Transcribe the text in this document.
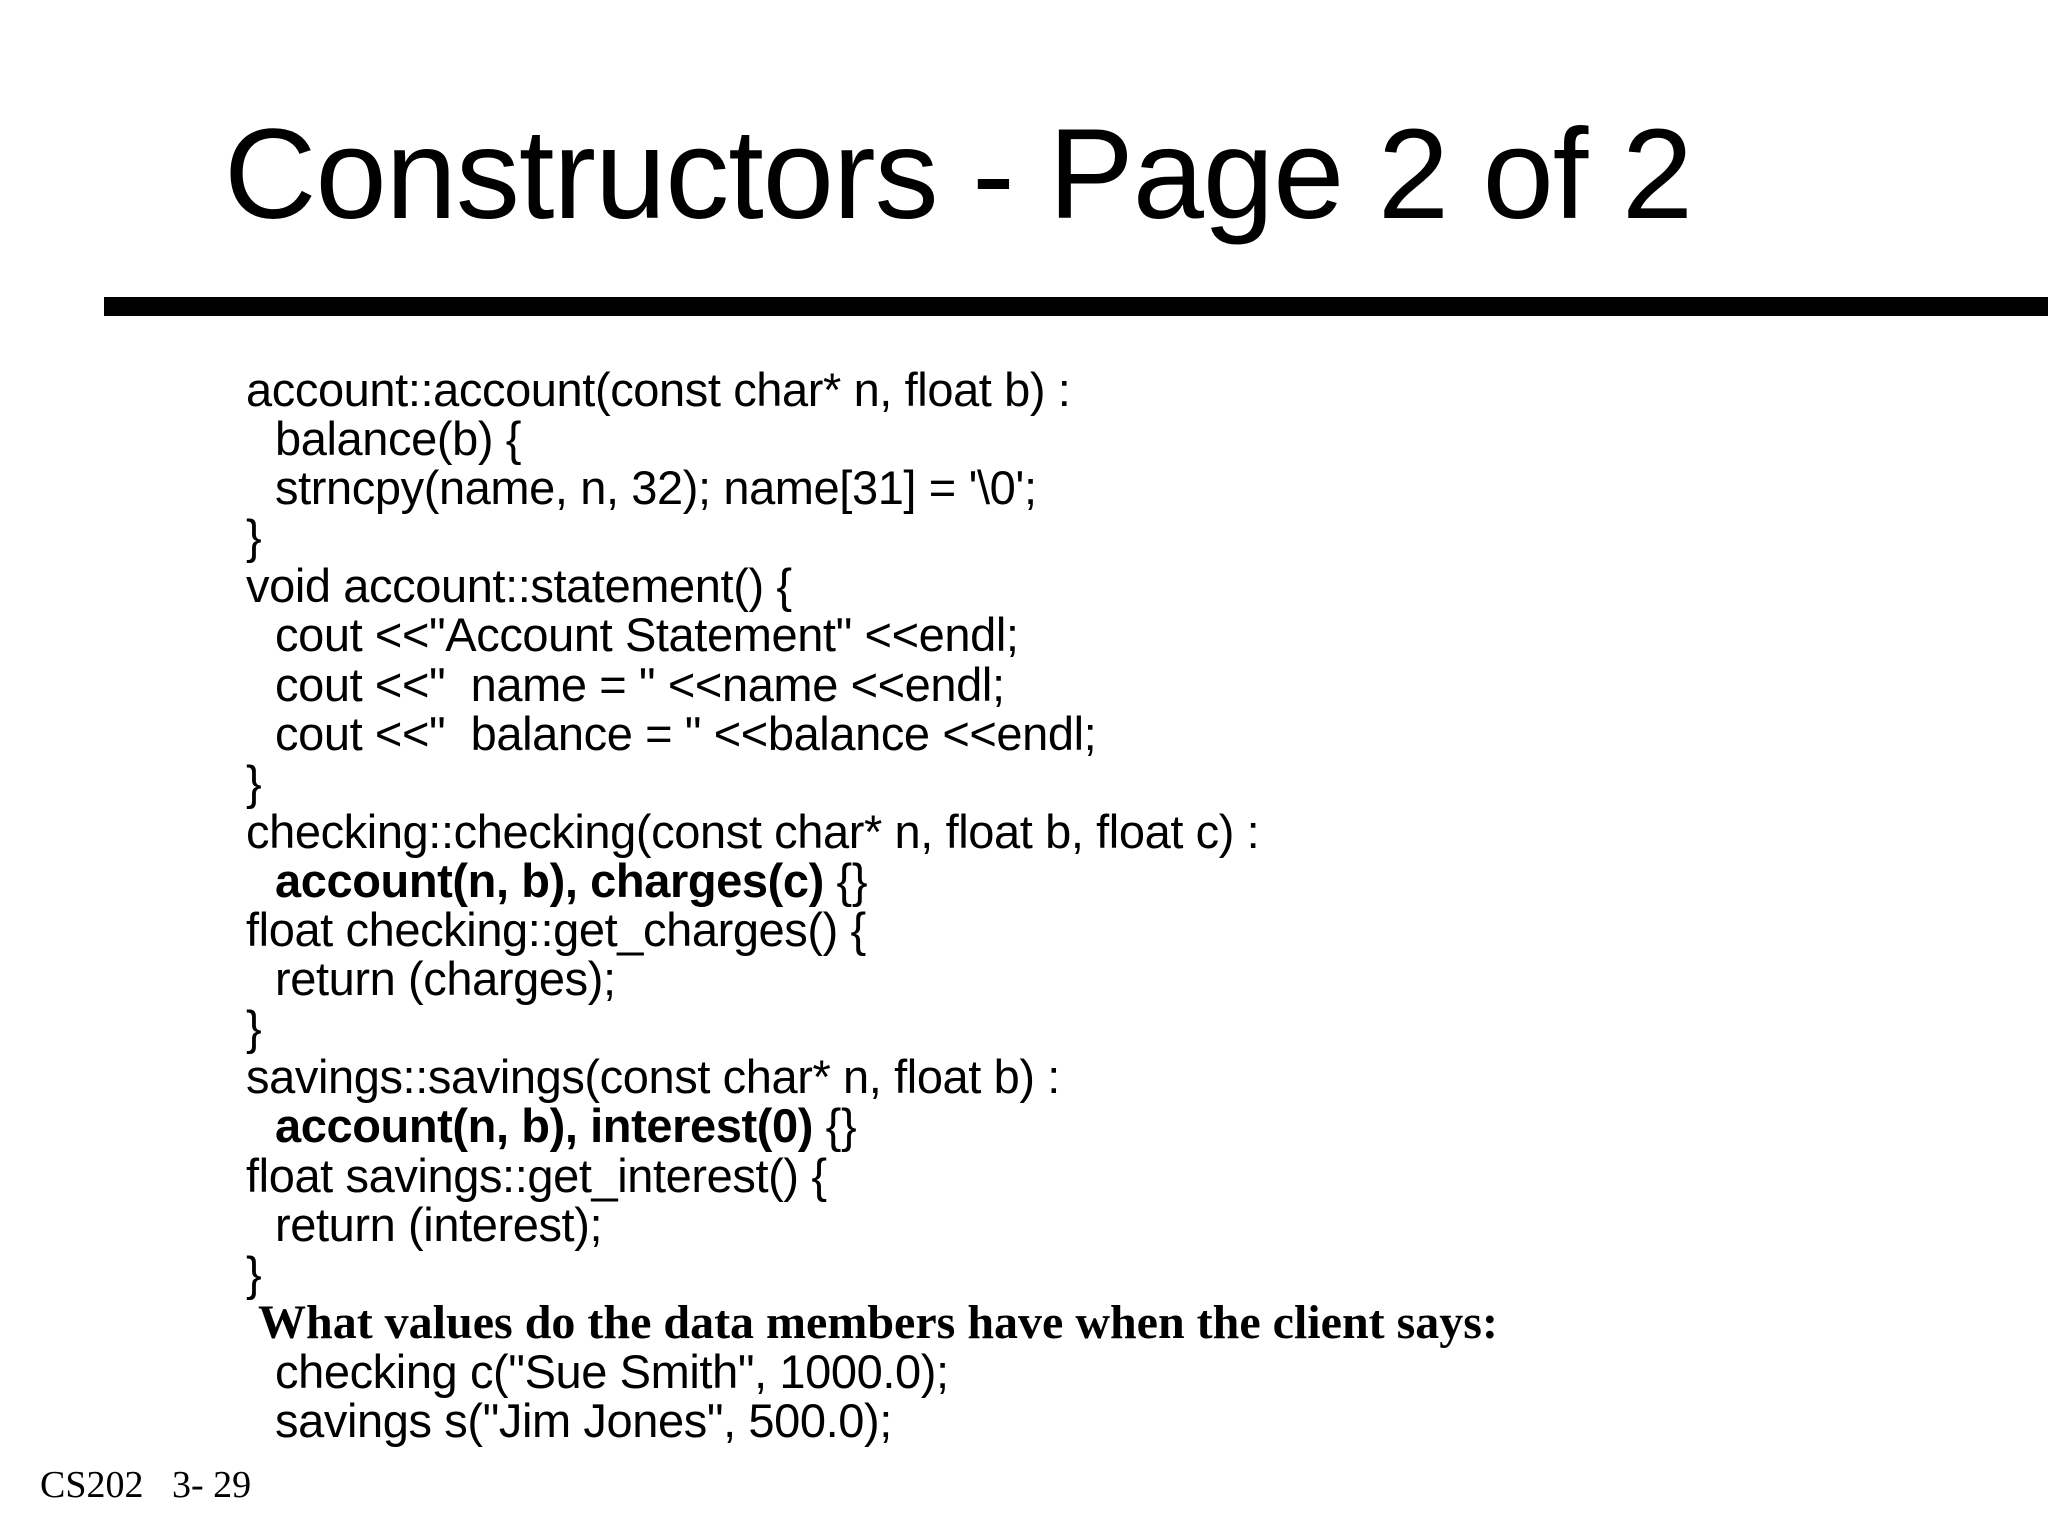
Constructors - Page 2 of 2
account::account(const char* n, float b) :
balance(b) {
strncpy(name, n, 32); name[31] = '\0';
}
void account::statement() {
cout <<"Account Statement" <<endl;
cout <<"  name = " <<name <<endl;
cout <<"  balance = " <<balance <<endl;
}
checking::checking(const char* n, float b, float c) :
account(n, b), charges(c) {}
float checking::get_charges() {
return (charges);
}
savings::savings(const char* n, float b) :
account(n, b), interest(0) {}
float savings::get_interest() {
return (interest);
}
What values do the data members have when the client says:
checking c("Sue Smith", 1000.0);
savings s("Jim Jones", 500.0);
CS202   3- 29
